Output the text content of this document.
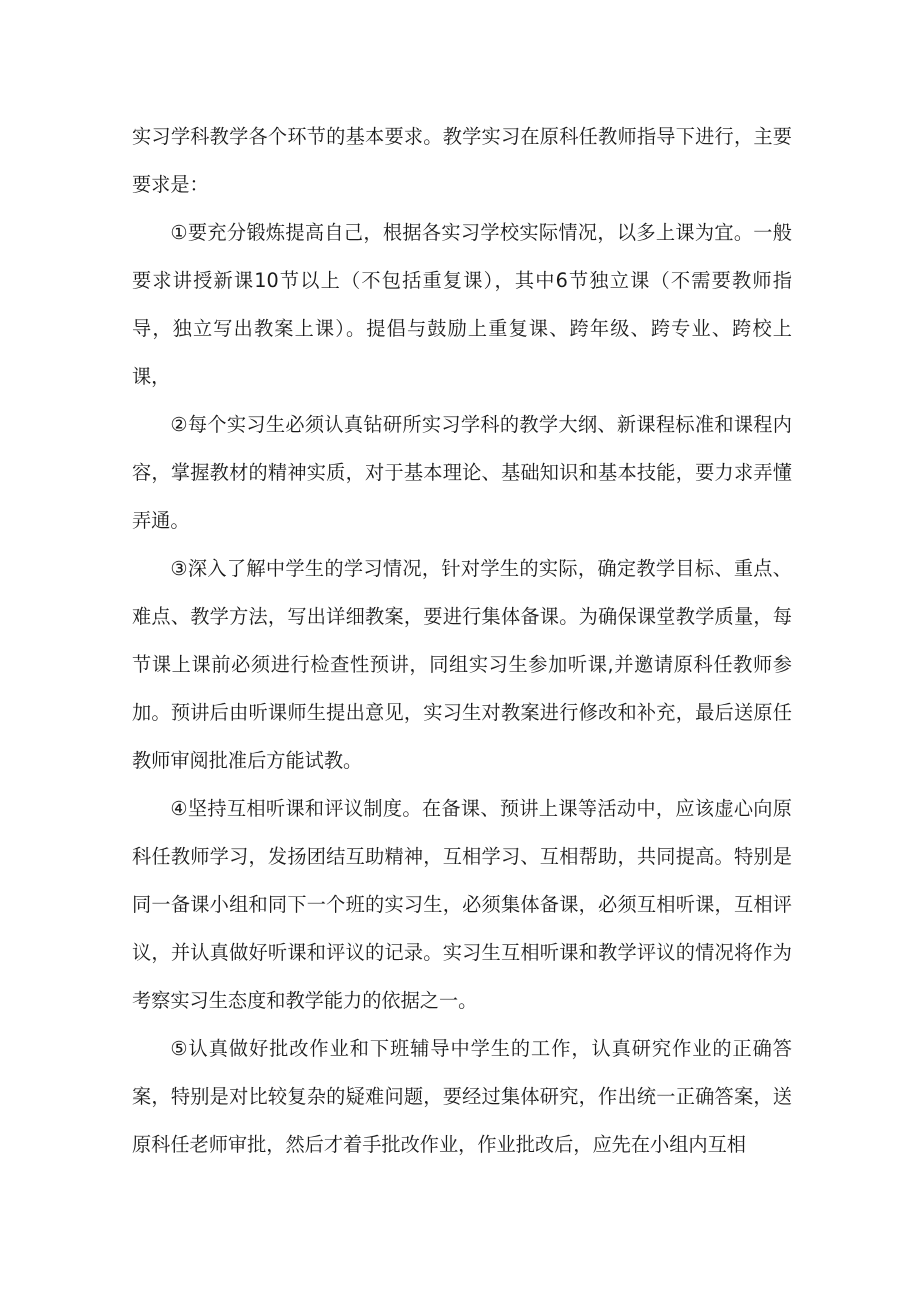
实习学科教学各个环节的基本要求。教学实习在原科任教师指导下进行，主要要求是：

①要充分锻炼提高自己，根据各实习学校实际情况，以多上课为宜。一般要求讲授新课10节以上（不包括重复课），其中6节独立课（不需要教师指导，独立写出教案上课）。提倡与鼓励上重复课、跨年级、跨专业、跨校上课，

②每个实习生必须认真钻研所实习学科的教学大纲、新课程标准和课程内容，掌握教材的精神实质，对于基本理论、基础知识和基本技能，要力求弄懂弄通。

③深入了解中学生的学习情况，针对学生的实际，确定教学目标、重点、难点、教学方法，写出详细教案，要进行集体备课。为确保课堂教学质量，每节课上课前必须进行检查性预讲，同组实习生参加听课,并邀请原科任教师参加。预讲后由听课师生提出意见，实习生对教案进行修改和补充，最后送原任教师审阅批准后方能试教。

④坚持互相听课和评议制度。在备课、预讲上课等活动中，应该虚心向原科任教师学习，发扬团结互助精神，互相学习、互相帮助，共同提高。特别是同一备课小组和同下一个班的实习生，必须集体备课，必须互相听课，互相评议，并认真做好听课和评议的记录。实习生互相听课和教学评议的情况将作为考察实习生态度和教学能力的依据之一。

⑤认真做好批改作业和下班辅导中学生的工作，认真研究作业的正确答案，特别是对比较复杂的疑难问题，要经过集体研究，作出统一正确答案，送原科任老师审批，然后才着手批改作业，作业批改后，应先在小组内互相
